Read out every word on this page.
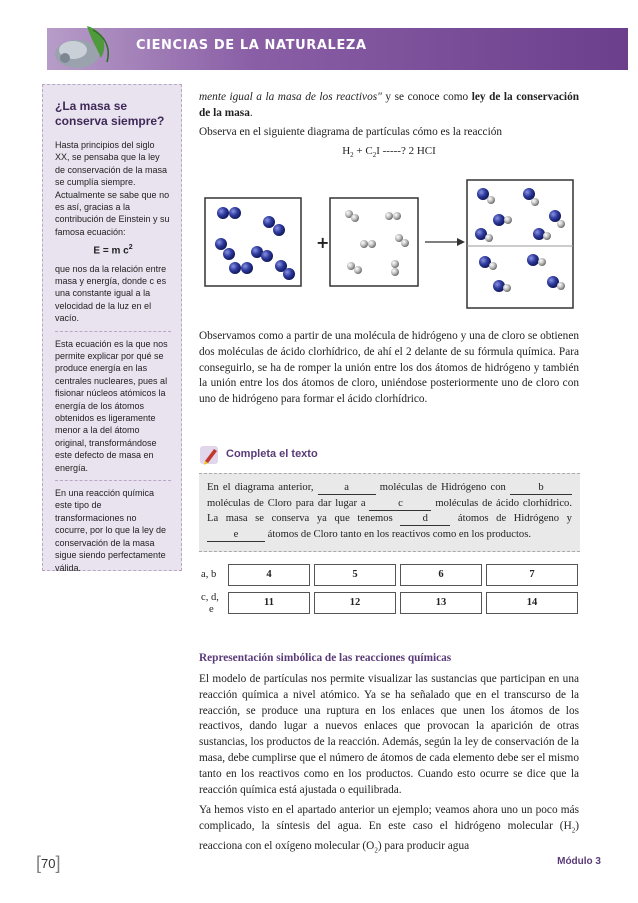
CIENCIAS DE LA NATURALEZA
¿La masa se conserva siempre?

Hasta principios del siglo XX, se pensaba que la ley de conservación de la masa se cumplía siempre. Actualmente se sabe que no es así, gracias a la contribución de Einstein y su famosa ecuación:

E = m $c^2$

que nos da la relación entre masa y energía, donde c es una constante igual a la velocidad de la luz en el vacío.

Esta ecuación es la que nos permite explicar por qué se produce energía en las centrales nucleares, pues al fisionar núcleos atómicos la energía de los átomos obtenidos es ligeramente menor a la del átomo original, transformándose este defecto de masa en energía.

En una reacción química este tipo de transformaciones no cocurre, por lo que la ley de conservación de la masa sigue siendo perfectamente válida.

mente igual a la masa de los reactivos" y se conoce como ley de la conservación de la masa.
Observa en el siguiente diagrama de partículas cómo es la reacción
$H_2 + C_2I$ -----? 2 HCI
+
Observamos como a partir de una molécula de hidrógeno y una de cloro se obtienen dos moléculas de ácido clorhídrico, de ahí el 2 delante de su fórmula química. Para conseguirlo, se ha de romper la unión entre los dos átomos de hidrógeno y también la unión entre los dos átomos de cloro, uniéndose posteriormente uno de cloro con uno de hidrógeno para formar el ácido clorhídrico.
Completa el texto
En el diagrama anterior,	a	moléculas de Hidrógeno con	b moléculas de Cloro para dar lugar a	c	moléculas de ácido clorhídrico. La masa se conserva ya que tenemos d átomos de Hidrógeno y e	átomos de Cloro tanto en los reactivos como en los productos.
a, b	4	5	6	7
c, d,
e
11	12	13	14
Representación simbólica de las reacciones químicas
El modelo de partículas nos permite visualizar las sustancias que participan en una reacción química a nivel atómico. Ya se ha señalado que en el transcurso de la reacción, se produce una ruptura en los enlaces que unen los átomos de los reactivos, dando lugar a nuevos enlaces que provocan la aparición de otras sustancias, los productos de la reacción. Además, según la ley de conservación de la masa, debe cumplirse que el número de átomos de cada elemento debe ser el mismo tanto en los reactivos como en los productos. Cuando esto ocurre se dice que la reacción química está ajustada o equilibrada.
Ya hemos visto en el apartado anterior un ejemplo; veamos ahora uno un poco más complicado, la síntesis del agua. En este caso el hidrógeno molecular $(H_2)$ reacciona con el oxígeno molecular $(O_2)$ para producir agua
[70]	Módulo 3
